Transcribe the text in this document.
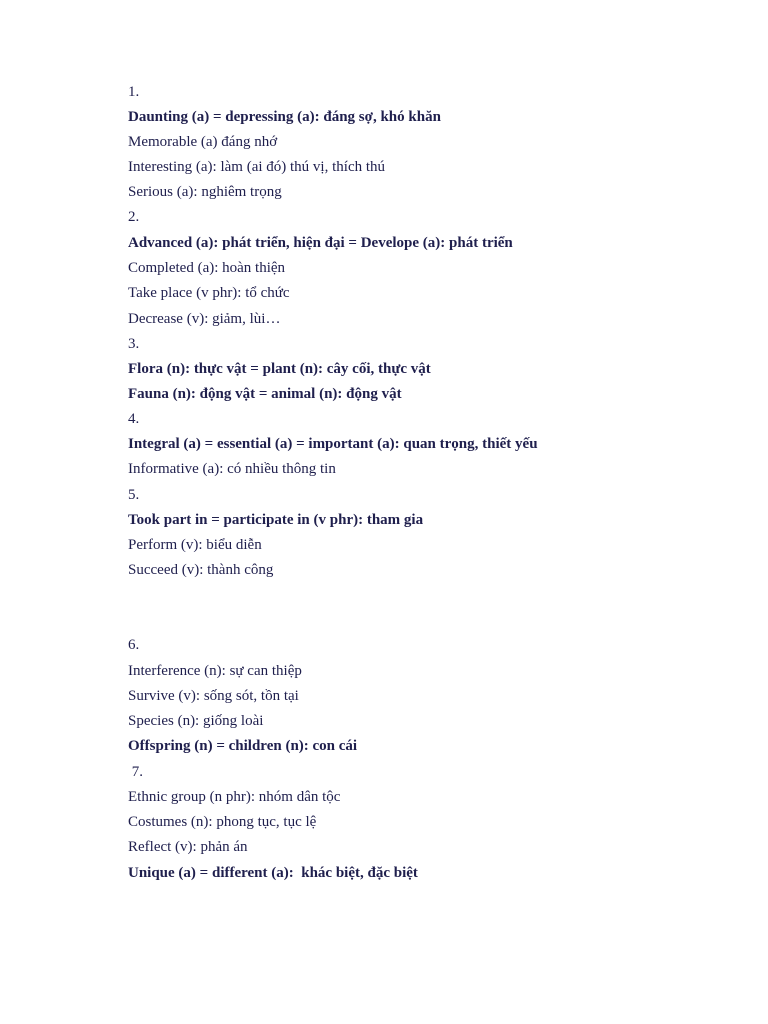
1.
Daunting (a) = depressing (a): đáng sợ, khó khăn
Memorable (a) đáng nhớ
Interesting (a): làm (ai đó) thú vị, thích thú
Serious (a): nghiêm trọng
2.
Advanced (a): phát triển, hiện đại = Develope (a): phát triển
Completed (a): hoàn thiện
Take place (v phr): tổ chức
Decrease (v): giảm, lùi…
3.
Flora (n): thực vật = plant (n): cây cối, thực vật
Fauna (n): động vật = animal (n): động vật
4.
Integral (a) = essential (a) = important (a): quan trọng, thiết yếu
Informative (a): có nhiều thông tin
5.
Took part in = participate in (v phr): tham gia
Perform (v): biểu diễn
Succeed (v): thành công
6.
Interference (n): sự can thiệp
Survive (v): sống sót, tồn tại
Species (n): giống loài
Offspring (n) = children (n): con cái
7.
Ethnic group (n phr): nhóm dân tộc
Costumes (n): phong tục, tục lệ
Reflect (v): phản án
Unique (a) = different (a):  khác biệt, đặc biệt
